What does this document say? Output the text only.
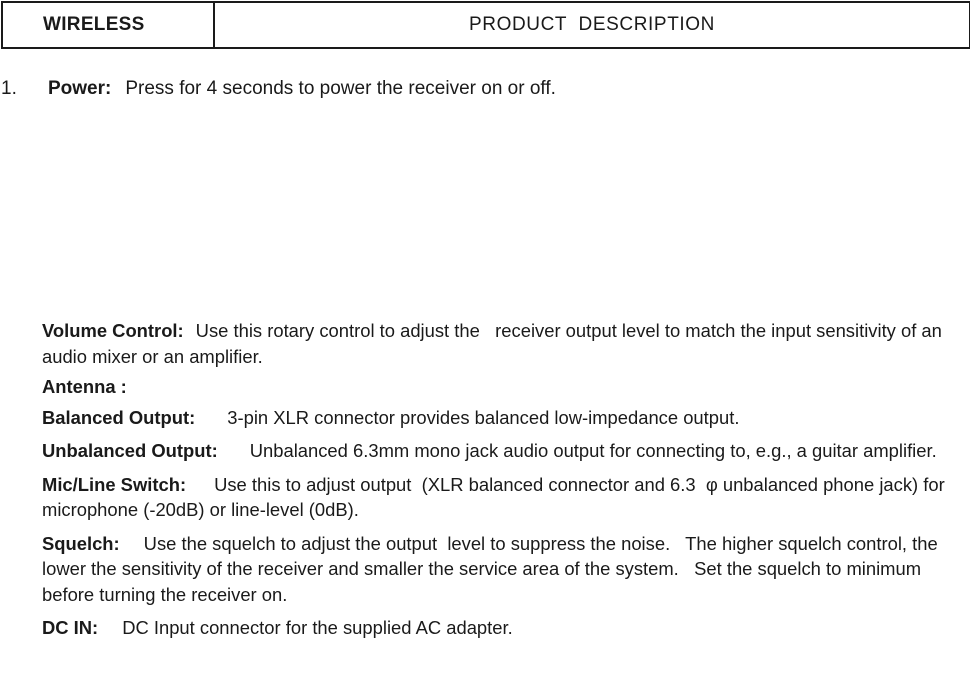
WIRELESS	PRODUCT  DESCRIPTION
1. Power: Press for 4 seconds to power the receiver on or off.

Volume Control: Use this rotary control to adjust the   receiver output level to match the input sensitivity of an audio mixer or an amplifier.

Antenna :

Balanced Output: 3-pin XLR connector provides balanced low-impedance output.

Unbalanced Output: Unbalanced 6.3mm mono jack audio output for connecting to, e.g., a guitar amplifier.

Mic/Line Switch: Use this to adjust output  (XLR balanced connector and 6.3  φ unbalanced phone jack) for microphone (-20dB) or line-level (0dB).

Squelch: Use the squelch to adjust the output  level to suppress the noise.   The higher squelch control, the lower the sensitivity of the receiver and smaller the service area of the system.   Set the squelch to minimum before turning the receiver on.

DC IN: DC Input connector for the supplied AC adapter.
